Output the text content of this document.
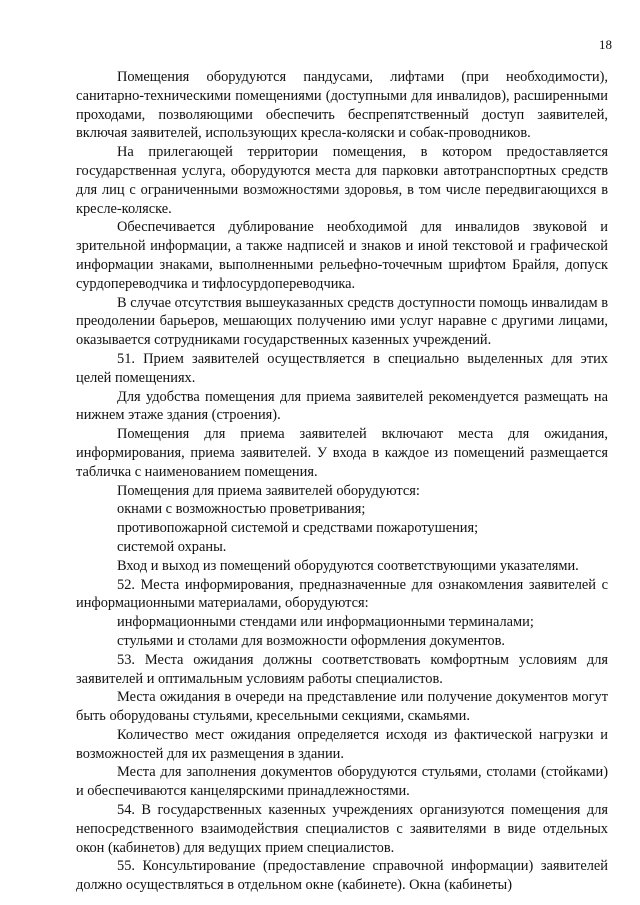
18

Помещения оборудуются пандусами, лифтами (при необходимости), санитарно-техническими помещениями (доступными для инвалидов), расширенными проходами, позволяющими обеспечить беспрепятственный доступ заявителей, включая заявителей, использующих кресла-коляски и собак-проводников.

На прилегающей территории помещения, в котором предоставляется государственная услуга, оборудуются места для парковки автотранспортных средств для лиц с ограниченными возможностями здоровья, в том числе передвигающихся в кресле-коляске.

Обеспечивается дублирование необходимой для инвалидов звуковой и зрительной информации, а также надписей и знаков и иной текстовой и графической информации знаками, выполненными рельефно-точечным шрифтом Брайля, допуск сурдопереводчика и тифлосурдопереводчика.

В случае отсутствия вышеуказанных средств доступности помощь инвалидам в преодолении барьеров, мешающих получению ими услуг наравне с другими лицами, оказывается сотрудниками государственных казенных учреждений.

51. Прием заявителей осуществляется в специально выделенных для этих целей помещениях.

Для удобства помещения для приема заявителей рекомендуется размещать на нижнем этаже здания (строения).

Помещения для приема заявителей включают места для ожидания, информирования, приема заявителей. У входа в каждое из помещений размещается табличка с наименованием помещения.

Помещения для приема заявителей оборудуются:

окнами с возможностью проветривания;

противопожарной системой и средствами пожаротушения;

системой охраны.

Вход и выход из помещений оборудуются соответствующими указателями.

52. Места информирования, предназначенные для ознакомления заявителей с информационными материалами, оборудуются:

информационными стендами или информационными терминалами;

стульями и столами для возможности оформления документов.

53. Места ожидания должны соответствовать комфортным условиям для заявителей и оптимальным условиям работы специалистов.

Места ожидания в очереди на представление или получение документов могут быть оборудованы стульями, кресельными секциями, скамьями.

Количество мест ожидания определяется исходя из фактической нагрузки и возможностей для их размещения в здании.

Места для заполнения документов оборудуются стульями, столами (стойками) и обеспечиваются канцелярскими принадлежностями.

54. В государственных казенных учреждениях организуются помещения для непосредственного взаимодействия специалистов с заявителями в виде отдельных окон (кабинетов) для ведущих прием специалистов.

55. Консультирование (предоставление справочной информации) заявителей должно осуществляться в отдельном окне (кабинете). Окна (кабинеты)
